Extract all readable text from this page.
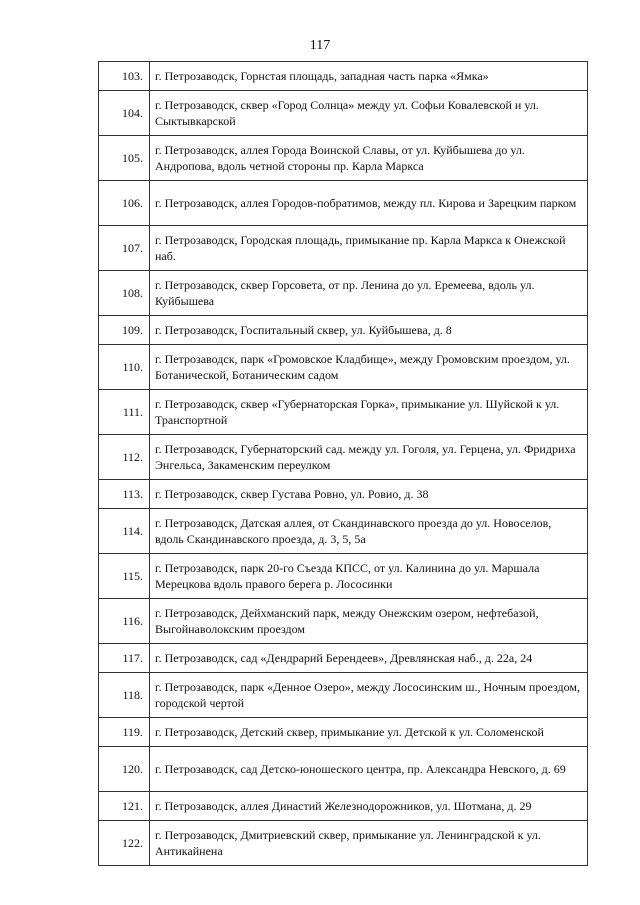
117
103.	г. Петрозаводск, Горнстая площадь, западная часть парка «Ямка»
104.	г. Петрозаводск, сквер «Город Солнца» между ул. Софьи Ковалевской и ул. Сыктывкарской
105.	г. Петрозаводск, аллея Города Воинской Славы, от ул. Куйбышева до ул. Андропова, вдоль четной стороны пр. Карла Маркса
106.	г. Петрозаводск, аллея Городов-побратимов, между пл. Кирова и Зарецким парком
107.	г. Петрозаводск, Городская площадь, примыкание пр. Карла Маркса к Онежской наб.
108.	г. Петрозаводск, сквер Горсовета, от пр. Ленина до ул. Еремеева, вдоль ул. Куйбышева
109.	г. Петрозаводск, Госпитальный сквер, ул. Куйбышева, д. 8
110.	г. Петрозаводск, парк «Громовское Кладбище», между Громовским проездом, ул. Ботанической, Ботаническим садом
111.	г. Петрозаводск, сквер «Губернаторская Горка», примыкание ул. Шуйской к ул. Транспортной
112.	г. Петрозаводск, Губернаторский сад. между ул. Гоголя, ул. Герцена, ул. Фридриха Энгельса, Закаменским переулком
113.	г. Петрозаводск, сквер Густава Ровно, ул. Ровио, д. 38
114.	г. Петрозаводск, Датская аллея, от Скандинавского проезда до ул. Новоселов, вдоль Скандинавского проезда, д. 3, 5, 5а
115.	г. Петрозаводск, парк 20-го Съезда КПСС, от ул. Калинина до ул. Маршала Мерецкова вдоль правого берега р. Лососинки
116.	г. Петрозаводск, Дейхманский парк, между Онежским озером, нефтебазой, Выгойнаволокским проездом
117.	г. Петрозаводск, сад «Дендрарий Берендеев», Древлянская наб., д. 22а, 24
118.	г. Петрозаводск, парк «Денное Озеро», между Лососинским ш., Ночным проездом, городской чертой
119.	г. Петрозаводск, Детский сквер, примыкание ул. Детской к ул. Соломенской
120.	г. Петрозаводск, сад Детско-юношеского центра, пр. Александра Невского, д. 69
121.	г. Петрозаводск, аллея Династий Железнодорожников, ул. Шотмана, д. 29
122.	г. Петрозаводск, Дмитриевский сквер, примыкание ул. Ленинградской к ул. Антикайнена
